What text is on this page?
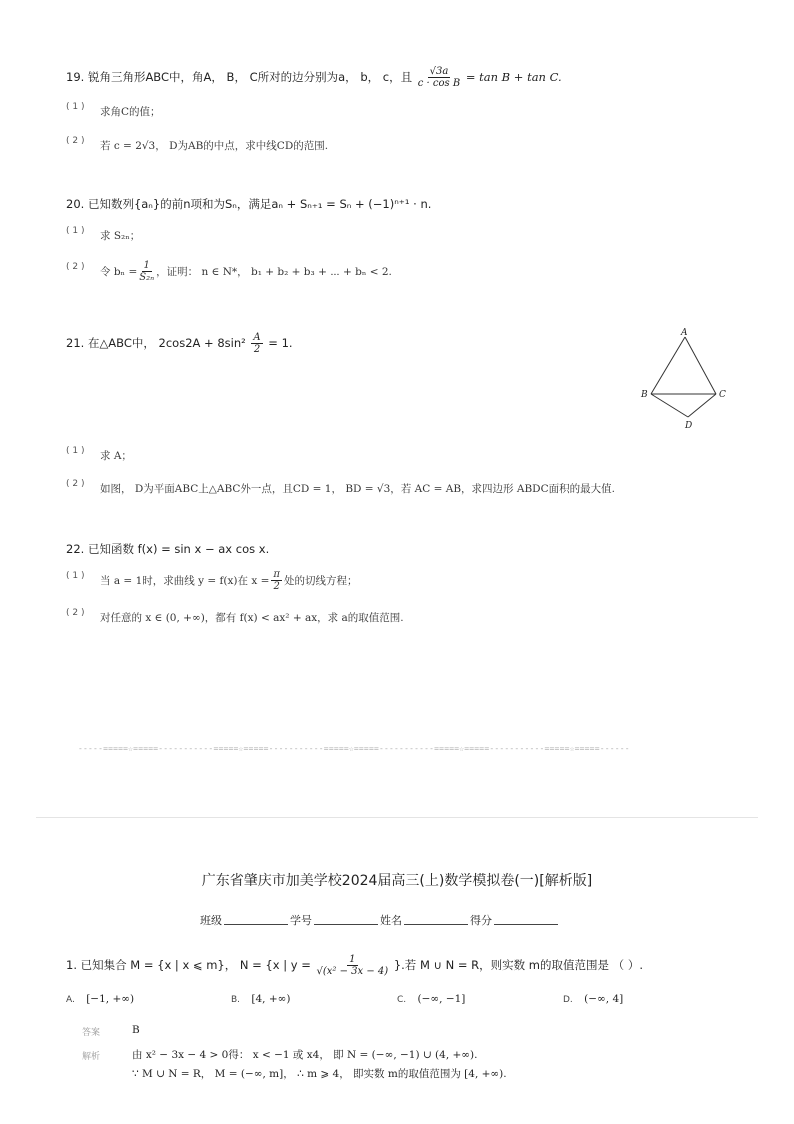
19. 锐角三角形ABC中，角A， B， C所对的边分别为a， b， c，且 $\frac{√3a}{\text{c · cos B}} = \tan B + \tan C$.
( 1 )	求角C的值；
( 2 )	若 c = 2√3， D为AB的中点，求中线CD的范围.
20. 已知数列{aₙ}的前n项和为Sₙ，满足aₙ + Sₙ₊₁ = Sₙ + (−1)ⁿ⁺¹ · n.
( 1 )	求 S₂ₙ；
( 2 )	令 $b_n = \frac{1}{\text{S₂ₙ}}$ ，证明： n ∈ N*， b₁ + b₂ + b₃ + ⋯ + bₙ < 2.
21. 在△ABC中， $2\cos 2A + 8\sin^2 \frac{A}{2} = 1$.
A
B	C
D
( 1 )	求 A；
( 2 )	如图， D为平面ABC上△ABC外一点，且CD = 1， BD = √3，若 AC = AB，求四边形 ABDC面积的最大值.
22. 已知函数 f(x) = sin x − ax cos x.
( 1 )	当 a = 1时，求曲线 y = f(x)在 $x = \frac{\pi}{2}$ 处的切线方程；
( 2 )	对任意的 x ∈ (0, +∞)，都有 f(x) < ax² + ax，求 a的取值范围.
-----=====☆=====-----------=====☆=====-----------=====☆=====-----------=====☆=====-----------=====☆=====------
广东省肇庆市加美学校2024届高三(上)数学模拟卷(一)[解析版]
班级	学号	姓名	得分
1. 已知集合 M = {x | x ⩽ m}， N = {x | $y = \frac{1}{\text{√(x² − 3x − 4)}}$ }.若 M ∪ N = R，则实数 m的取值范围是 （ ）.
A. [−1, +∞)	B. [4, +∞)	C. (−∞, −1]	D. (−∞, 4]
答案	B
解析	由 x² − 3x − 4 > 0得： x < −1 或 x4， 即 N = (−∞, −1) ∪ (4, +∞).
∵ M ∪ N = R， M = (−∞, m]， ∴ m ⩾ 4， 即实数 m的取值范围为 [4, +∞).
